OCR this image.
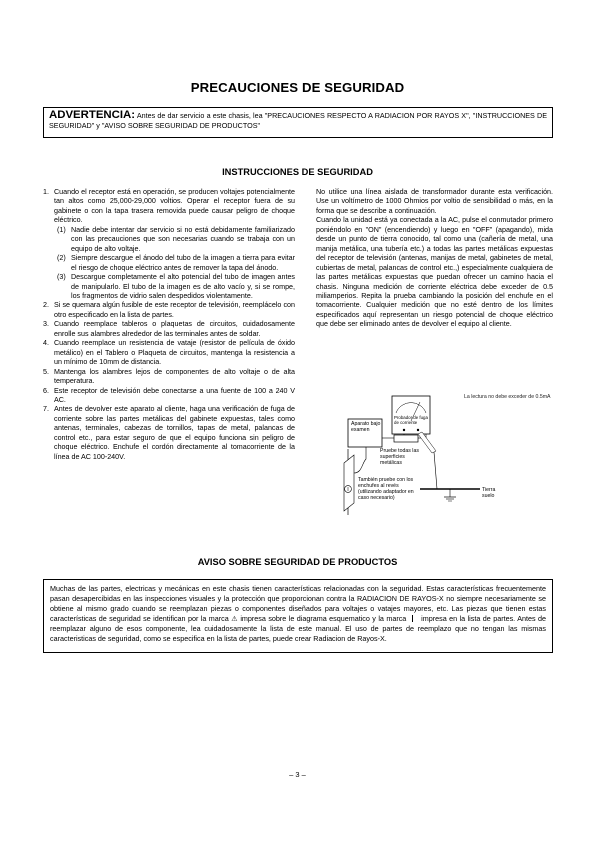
PRECAUCIONES DE SEGURIDAD
ADVERTENCIA: Antes de dar servicio a este chasis, lea "PRECAUCIONES RESPECTO A RADIACION POR RAYOS X", "INSTRUCCIONES DE SEGURIDAD" y "AVISO SOBRE SEGURIDAD DE PRODUCTOS"
INSTRUCCIONES DE SEGURIDAD
1. Cuando el receptor está en operación, se producen voltajes potencialmente tan altos como 25,000-29,000 voltios. Operar el receptor fuera de su gabinete o con la tapa trasera removida puede causar peligro de choque eléctrico.
(1) Nadie debe intentar dar servicio si no está debidamente familiarizado con las precauciones que son necesarias cuando se trabaja con un equipo de alto voltaje.
(2) Siempre descargue el ánodo del tubo de la imagen a tierra para evitar el riesgo de choque eléctrico antes de remover la tapa del ánodo.
(3) Descargue completamente el alto potencial del tubo de imagen antes de manipularlo. El tubo de la imagen es de alto vacío y, si se rompe, los fragmentos de vidrio salen despedidos violentamente.
2. Si se quemara algún fusible de este receptor de televisión, reemplácelo con otro especificado en la lista de partes.
3. Cuando reemplace tableros o plaquetas de circuitos, cuidadosamente enrolle sus alambres alrededor de las terminales antes de soldar.
4. Cuando reemplace un resistencia de vataje (resistor de película de óxido metálico) en el Tablero o Plaqueta de circuitos, mantenga la resistencia a un mínimo de 10mm de distancia.
5. Mantenga los alambres lejos de componentes de alto voltaje o de alta temperatura.
6. Este receptor de televisión debe conectarse a una fuente de 100 a 240 V AC.
7. Antes de devolver este aparato al cliente, haga una verificación de fuga de corriente sobre las partes metálicas del gabinete expuestas, tales como antenas, terminales, cabezas de tornillos, tapas de metal, palancas de control etc., para estar seguro de que el equipo funciona sin peligro de choque eléctrico. Enchufe el cordón directamente al tomacorriente de la línea de AC 100-240V.

No utilice una línea aislada de transformador durante esta verificación. Use un voltímetro de 1000 Ohmios por voltio de sensibilidad o más, en la forma que se describe a continuación.

Cuando la unidad está ya conectada a la AC, pulse el conmutador primero poniéndolo en "ON" (encendiendo) y luego en "OFF" (apagando), mida desde un punto de tierra conocido, tal como una (cañería de metal, una manija metálica, una tubería etc.) a todas las partes metálicas expuestas del receptor de televisión (antenas, manijas de metal, gabinetes de metal, cubiertas de metal, palancas de control etc.,) especialmente cualquiera de las partes metálicas expuestas que puedan ofrecer un camino hacia el chasis. Ninguna medición de corriente eléctrica debe exceder de 0.5 miliamperios. Repita la prueba cambiando la posición del enchufe en el tomacorriente. Cualquier medición que no esté dentro de los límites especificados aquí representan un riesgo potencial de choque eléctrico que debe ser eliminado antes de devolver el equipo al cliente.

La lectura no debe exceder de 0.5mA
Probador de fuga de corriente
Aparato bajo examen
Pruebe todas las superficies metálicas
También pruebe con los enchufes al revés (utilizando adaptador en caso necesario)
Tierra suelo
AVISO SOBRE SEGURIDAD DE PRODUCTOS
Muchas de las partes, electricas y mecánicas en este chasis tienen características relacionadas con la seguridad. Estas características frecuentemente pasan desapercibidas en las inspecciones visuales y la protección que proporcionan contra la RADIACION DE RAYOS-X no siempre necesariamente se obtiene al mismo grado cuando se reemplazan piezas o componentes diseñados para voltajes o vatajes mayores, etc. Las piezas que tienen estas características de seguridad se identifican por la marca ⚠ impresa sobre le diagrama esquematico y la marca  impresa en la lista de partes. Antes de reemplazar alguno de esos componente, lea cuidadosamente la lista de este manual. El uso de partes de reemplazo que no tengan las mismas caracteristicas de seguridad, como se especifica en la lista de partes, puede crear Radiacion de Rayos-X.
– 3 –
